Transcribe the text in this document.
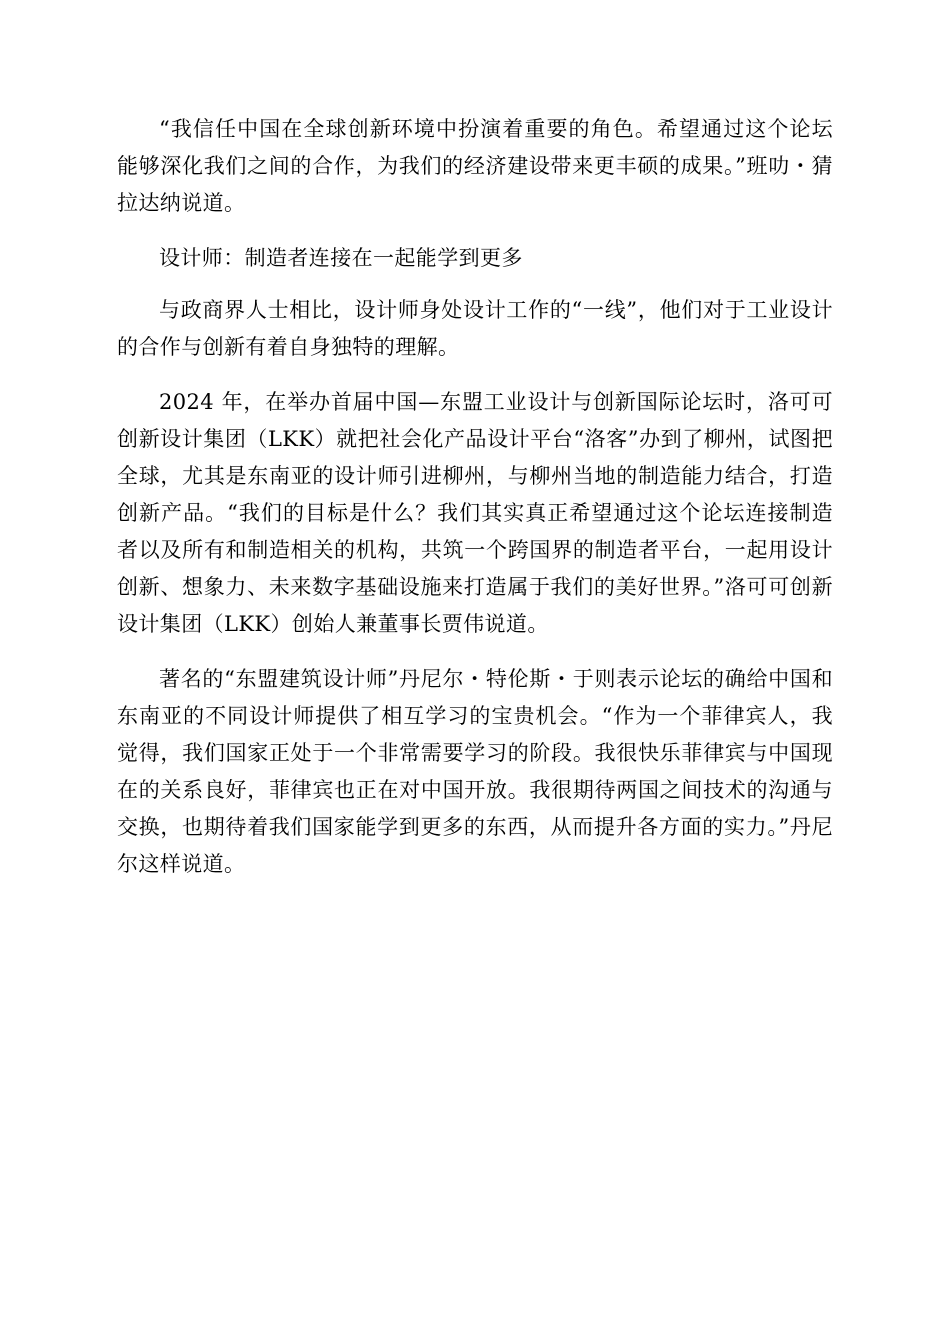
“我信任中国在全球创新环境中扮演着重要的角色。希望通过这个论坛能够深化我们之间的合作，为我们的经济建设带来更丰硕的成果。”班叻・猜拉达纳说道。

设计师：制造者连接在一起能学到更多

与政商界人士相比，设计师身处设计工作的“一线”，他们对于工业设计的合作与创新有着自身独特的理解。

2024 年，在举办首届中国—东盟工业设计与创新国际论坛时，洛可可创新设计集团（LKK）就把社会化产品设计平台“洛客”办到了柳州，试图把全球，尤其是东南亚的设计师引进柳州，与柳州当地的制造能力结合，打造创新产品。“我们的目标是什么？我们其实真正希望通过这个论坛连接制造者以及所有和制造相关的机构，共筑一个跨国界的制造者平台，一起用设计创新、想象力、未来数字基础设施来打造属于我们的美好世界。”洛可可创新设计集团（LKK）创始人兼董事长贾伟说道。

著名的“东盟建筑设计师”丹尼尔・特伦斯・于则表示论坛的确给中国和东南亚的不同设计师提供了相互学习的宝贵机会。“作为一个菲律宾人，我觉得，我们国家正处于一个非常需要学习的阶段。我很快乐菲律宾与中国现在的关系良好，菲律宾也正在对中国开放。我很期待两国之间技术的沟通与交换，也期待着我们国家能学到更多的东西，从而提升各方面的实力。”丹尼尔这样说道。
